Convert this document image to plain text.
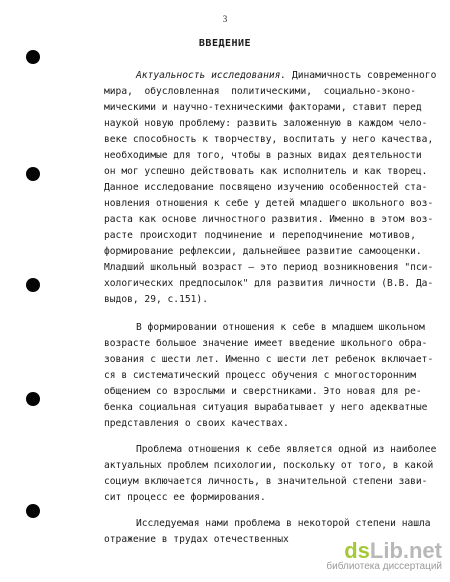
3
ВВЕДЕНИЕ
Актуальность исследования. Динамичность современного
мира, обусловленная политическими, социально-эконо-
мическими и научно-техническими факторами, ставит перед
наукой новую проблему: развить заложенную в каждом чело-
веке способность к творчеству, воспитать у него качества,
необходимые для того, чтобы в разных видах деятельности
он мог успешно действовать как исполнитель и как творец.
Данное исследование посвящено изучению особенностей ста-
новления отношения к себе у детей младшего школьного воз-
раста как основе личностного развития. Именно в этом воз-
расте происходит подчинение и переподчинение мотивов,
формирование рефлексии, дальнейшее развитие самооценки.
Младший школьный возраст — это период возникновения "пси-
хологических предпосылок" для развития личности (В.В. Да-
выдов, 29, с.151).
В формировании отношения к себе в младшем школьном
возрасте большое значение имеет введение школьного обра-
зования с шести лет. Именно с шести лет ребенок включает-
ся в систематический процесс обучения с многосторонним
общением со взрослыми и сверстниками. Это новая для ре-
бенка социальная ситуация вырабатывает у него адекватные
представления о своих качествах.
Проблема отношения к себе является одной из наиболее
актуальных проблем психологии, поскольку от того, в какой
социум включается личность, в значительной степени зави-
сит процесс ее формирования.
Исследуемая нами проблема в некоторой степени нашла
отражение в трудах отечественных	dsLib.net
библиотека диссертаций
